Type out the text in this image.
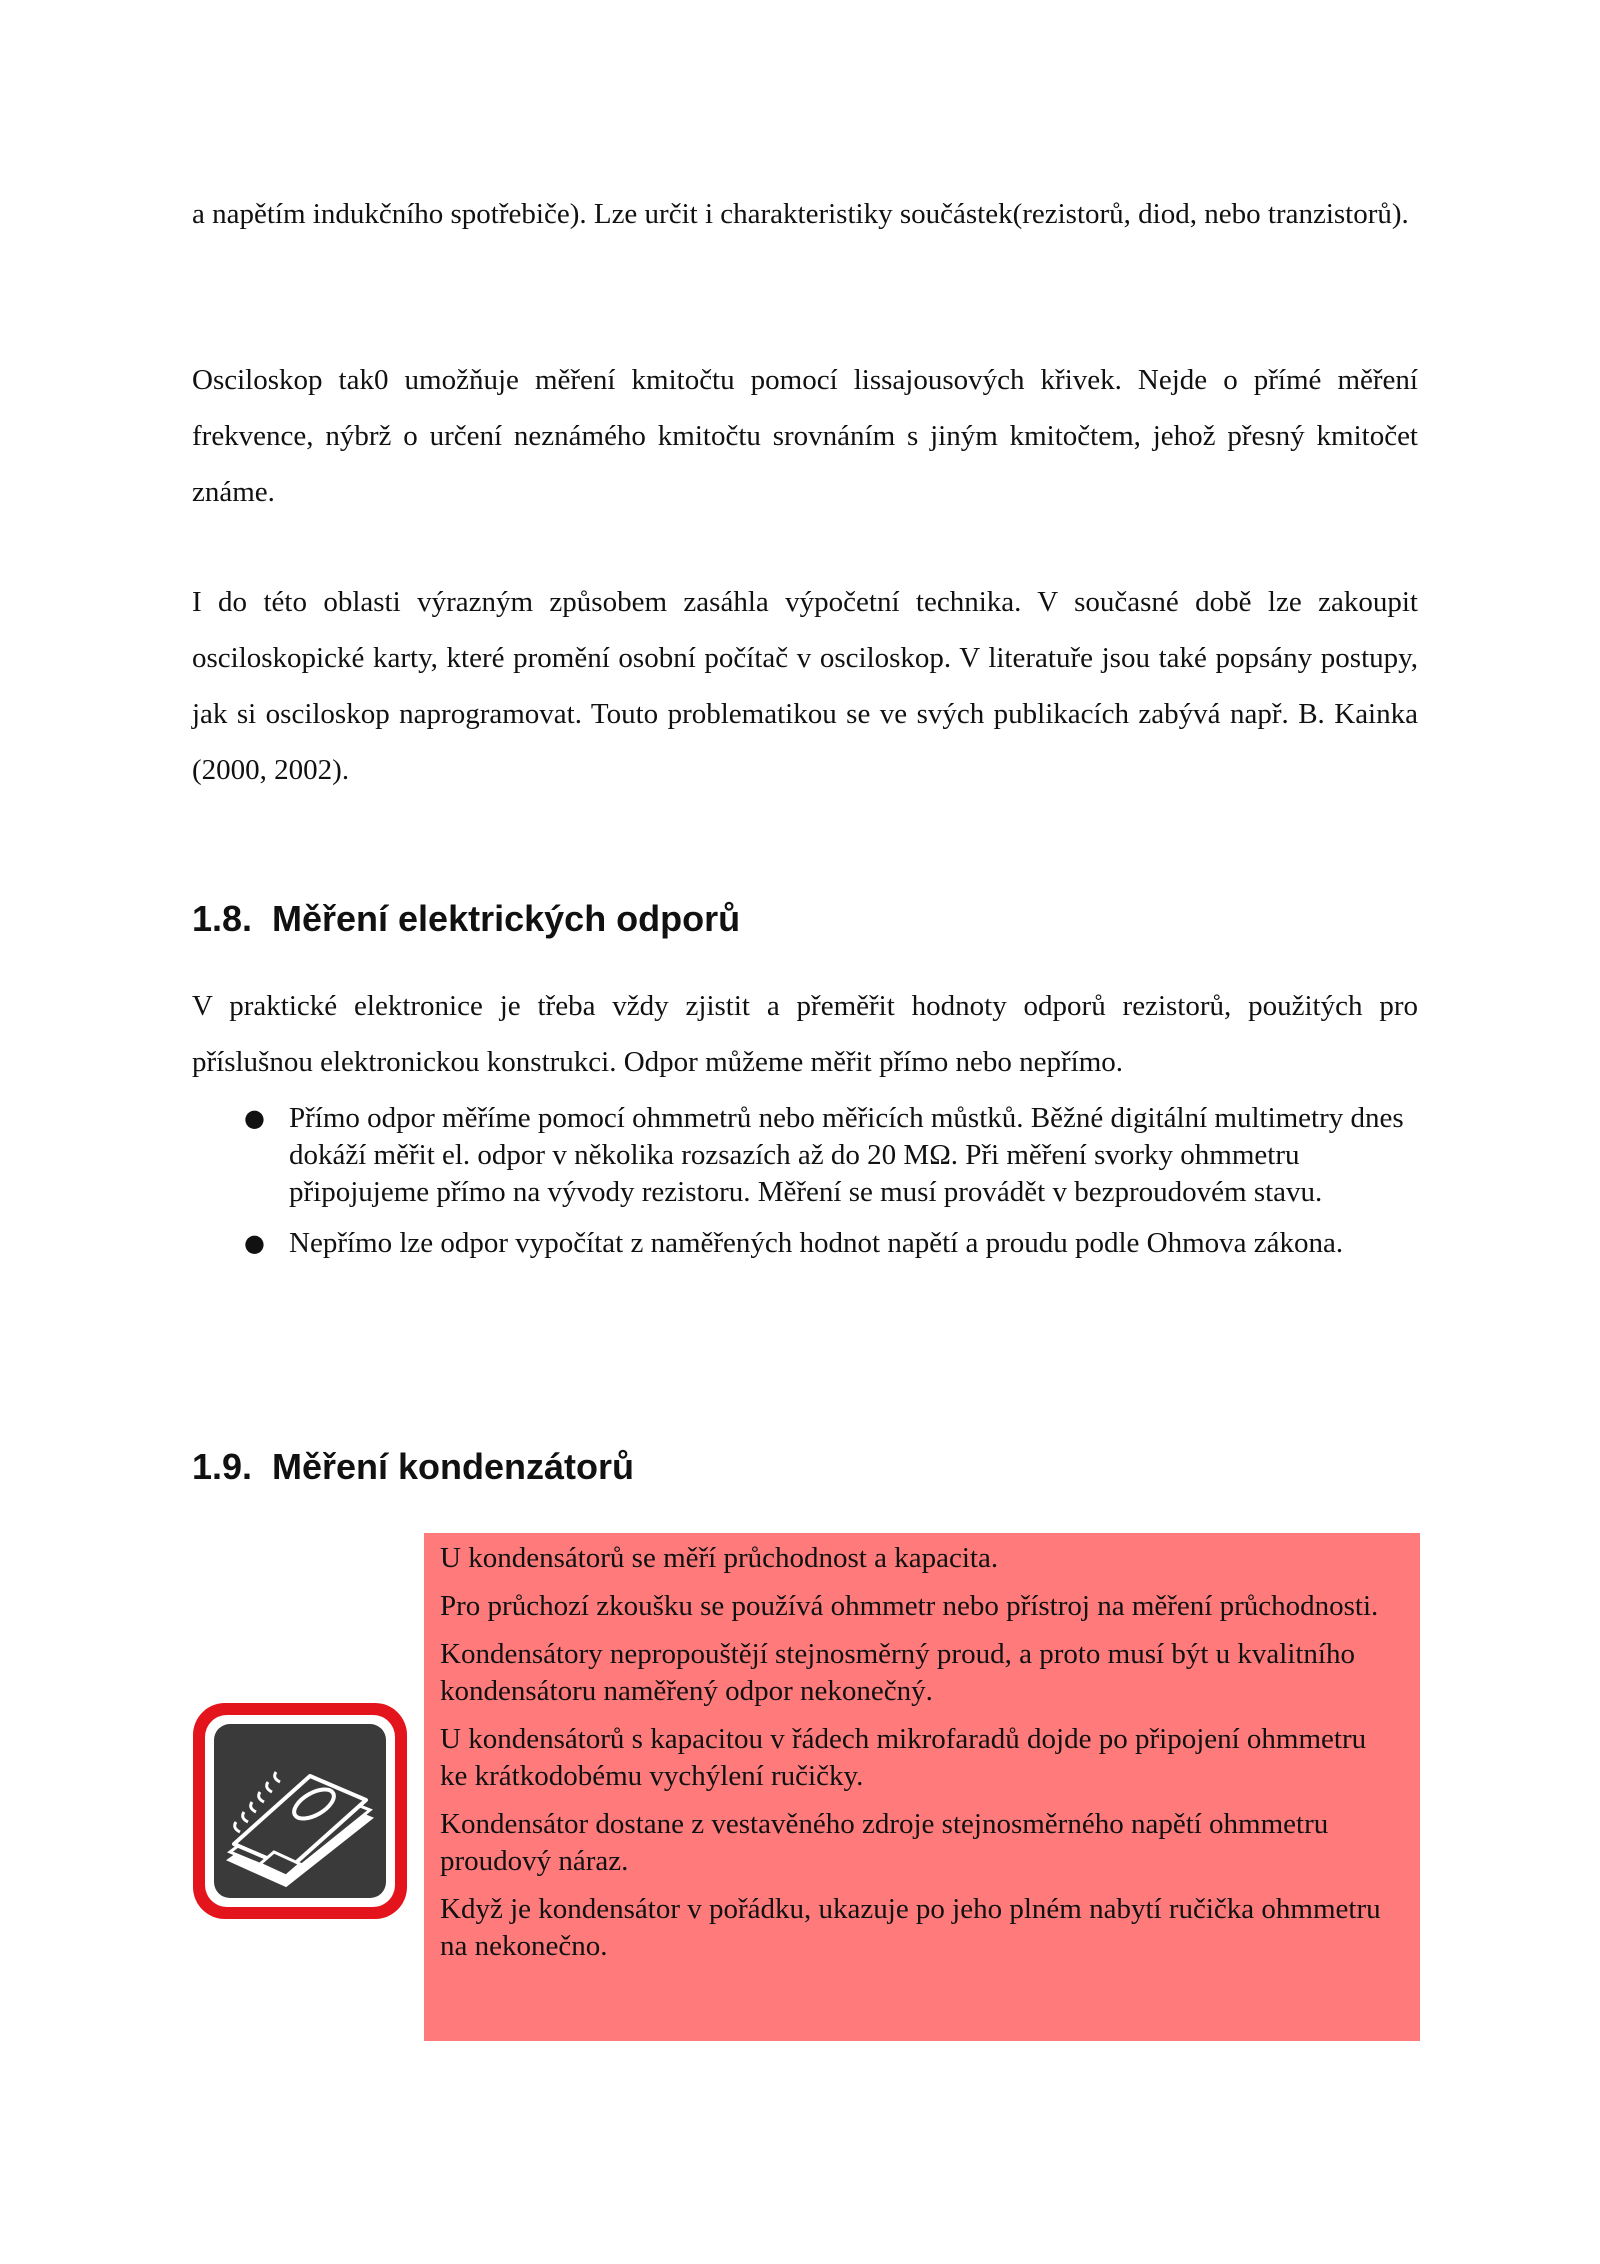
a napětím indukčního spotřebiče). Lze určit i charakteristiky součástek(rezistorů, diod, nebo tranzistorů).

Osciloskop tak0 umožňuje měření kmitočtu pomocí lissajousových křivek. Nejde o přímé měření frekvence, nýbrž o určení neznámého kmitočtu srovnáním s jiným kmitočtem, jehož přesný kmitočet známe.

I do této oblasti výrazným způsobem zasáhla výpočetní technika. V současné době lze zakoupit osciloskopické karty, které promění osobní počítač v osciloskop. V literatuře jsou také popsány postupy, jak si osciloskop naprogramovat. Touto problematikou se ve svých publikacích zabývá např. B. Kainka (2000, 2002).

1.8. Měření elektrických odporů

V praktické elektronice je třeba vždy zjistit a přeměřit hodnoty odporů rezistorů, použitých pro příslušnou elektronickou konstrukci. Odpor můžeme měřit přímo nebo nepřímo.

● Přímo odpor měříme pomocí ohmmetrů nebo měřicích můstků. Běžné digitální multimetry dnes dokáží měřit el. odpor v několika rozsazích až do 20 MΩ. Při měření svorky ohmmetru připojujeme přímo na vývody rezistoru. Měření se musí provádět v bezproudovém stavu.
● Nepřímo lze odpor vypočítat z naměřených hodnot napětí a proudu podle Ohmova zákona.
1.9. Měření kondenzátorů

U kondensátorů se měří průchodnost a kapacita.

Pro průchozí zkoušku se používá ohmmetr nebo přístroj na měření průchodnosti.

Kondensátory nepropouštějí stejnosměrný proud, a proto musí být u kvalitního kondensátoru naměřený odpor nekonečný.

U kondensátorů s kapacitou v řádech mikrofaradů dojde po připojení ohmmetru ke krátkodobému vychýlení ručičky.

Kondensátor dostane z vestavěného zdroje stejnosměrného napětí ohmmetru proudový náraz.

Když je kondensátor v pořádku, ukazuje po jeho plném nabytí ručička ohmmetru na nekonečno.
